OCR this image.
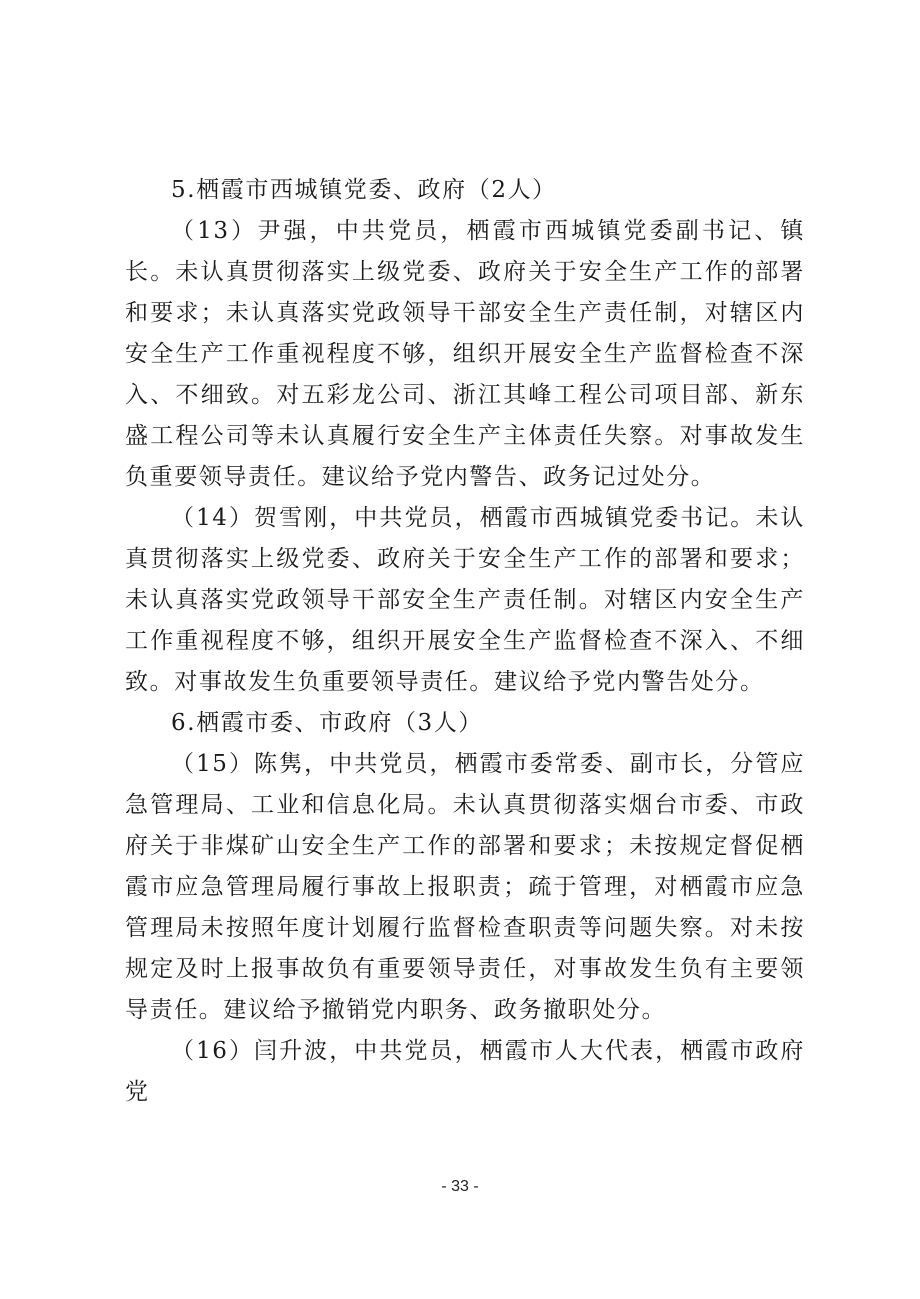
5.栖霞市西城镇党委、政府（2人）

（13）尹强，中共党员，栖霞市西城镇党委副书记、镇长。未认真贯彻落实上级党委、政府关于安全生产工作的部署和要求；未认真落实党政领导干部安全生产责任制，对辖区内安全生产工作重视程度不够，组织开展安全生产监督检查不深入、不细致。对五彩龙公司、浙江其峰工程公司项目部、新东盛工程公司等未认真履行安全生产主体责任失察。对事故发生负重要领导责任。建议给予党内警告、政务记过处分。

（14）贺雪刚，中共党员，栖霞市西城镇党委书记。未认真贯彻落实上级党委、政府关于安全生产工作的部署和要求；未认真落实党政领导干部安全生产责任制。对辖区内安全生产工作重视程度不够，组织开展安全生产监督检查不深入、不细致。对事故发生负重要领导责任。建议给予党内警告处分。

6.栖霞市委、市政府（3人）

（15）陈隽，中共党员，栖霞市委常委、副市长，分管应急管理局、工业和信息化局。未认真贯彻落实烟台市委、市政府关于非煤矿山安全生产工作的部署和要求；未按规定督促栖霞市应急管理局履行事故上报职责；疏于管理，对栖霞市应急管理局未按照年度计划履行监督检查职责等问题失察。对未按规定及时上报事故负有重要领导责任，对事故发生负有主要领导责任。建议给予撤销党内职务、政务撤职处分。

（16）闫升波，中共党员，栖霞市人大代表，栖霞市政府党

- 33 -
